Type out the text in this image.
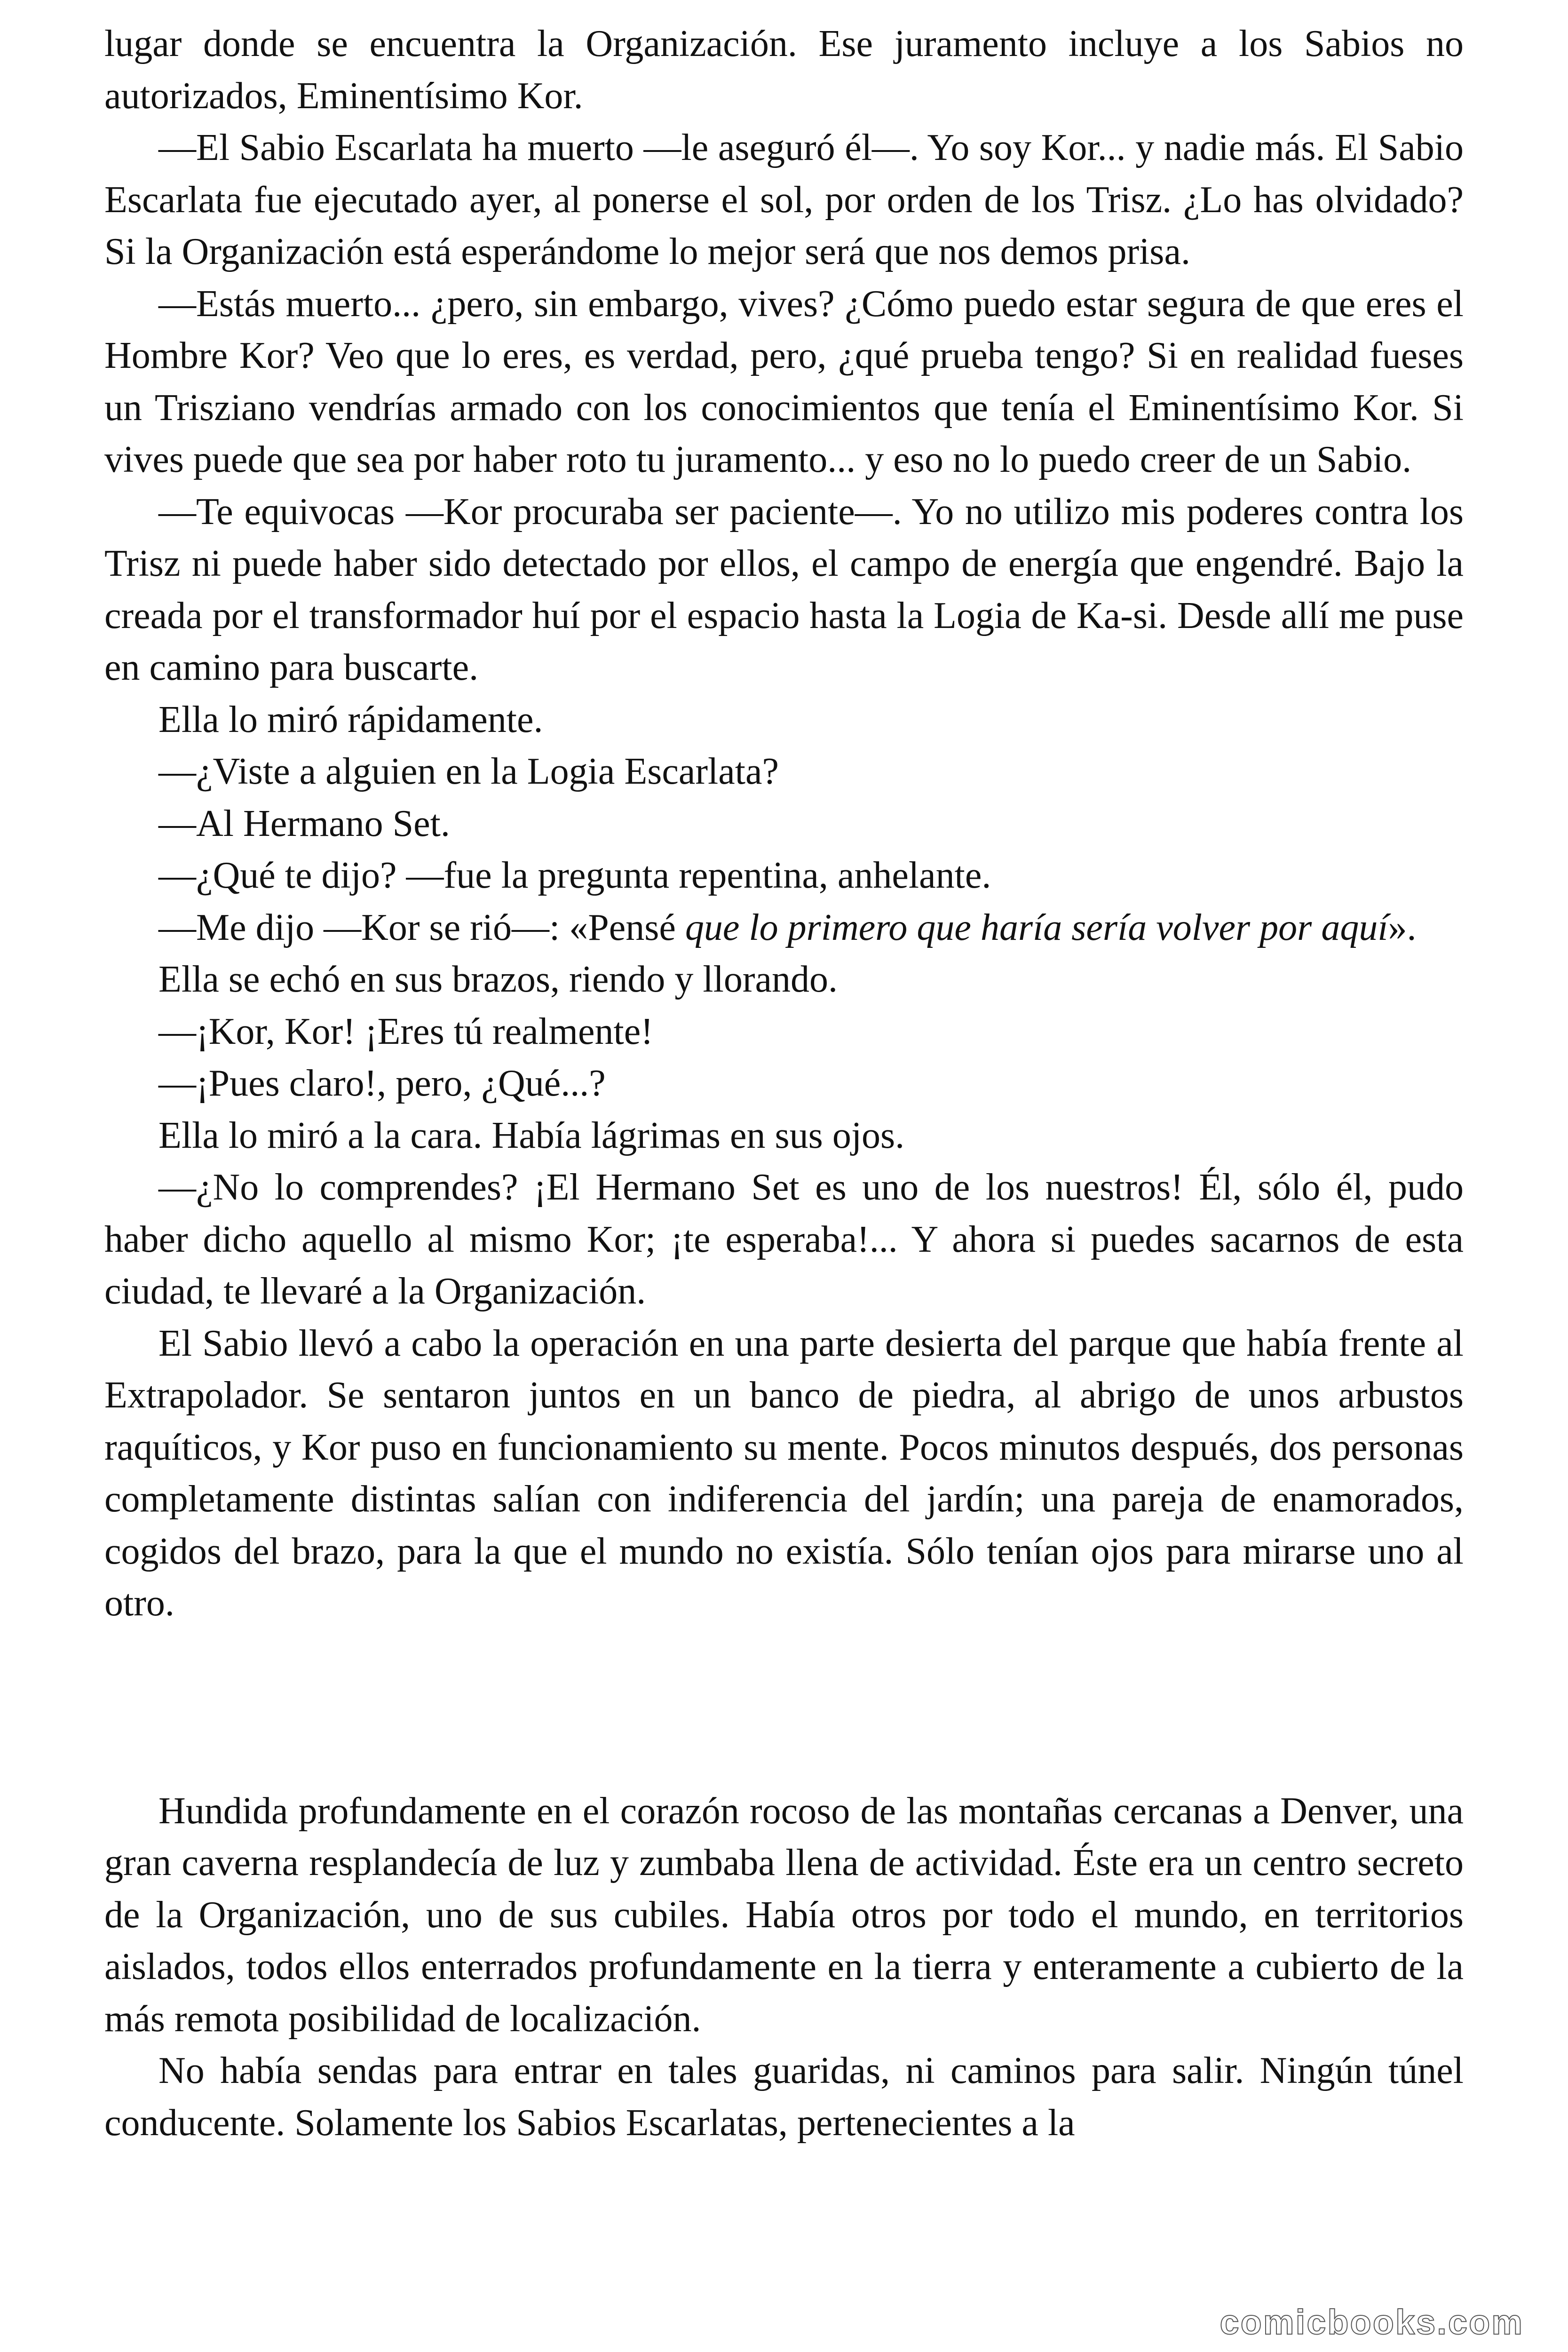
lugar donde se encuentra la Organización. Ese juramento incluye a los Sabios no autorizados, Eminentísimo Kor.

—El Sabio Escarlata ha muerto —le aseguró él—. Yo soy Kor... y nadie más. El Sabio Escarlata fue ejecutado ayer, al ponerse el sol, por orden de los Trisz. ¿Lo has olvidado? Si la Organización está esperándome lo mejor será que nos demos prisa.

—Estás muerto... ¿pero, sin embargo, vives? ¿Cómo puedo estar segura de que eres el Hombre Kor? Veo que lo eres, es verdad, pero, ¿qué prueba tengo? Si en realidad fueses un Trisziano vendrías armado con los conocimientos que tenía el Eminentísimo Kor. Si vives puede que sea por haber roto tu juramento... y eso no lo puedo creer de un Sabio.

—Te equivocas —Kor procuraba ser paciente—. Yo no utilizo mis poderes contra los Trisz ni puede haber sido detectado por ellos, el campo de energía que engendré. Bajo la creada por el transformador huí por el espacio hasta la Logia de Ka-si. Desde allí me puse en camino para buscarte.

Ella lo miró rápidamente.

—¿Viste a alguien en la Logia Escarlata?

—Al Hermano Set.

—¿Qué te dijo? —fue la pregunta repentina, anhelante.

—Me dijo —Kor se rió—: «Pensé que lo primero que haría sería volver por aquí».

Ella se echó en sus brazos, riendo y llorando.

—¡Kor, Kor! ¡Eres tú realmente!

—¡Pues claro!, pero, ¿Qué...?

Ella lo miró a la cara. Había lágrimas en sus ojos.

—¿No lo comprendes? ¡El Hermano Set es uno de los nuestros! Él, sólo él, pudo haber dicho aquello al mismo Kor; ¡te esperaba!... Y ahora si puedes sacarnos de esta ciudad, te llevaré a la Organización.

El Sabio llevó a cabo la operación en una parte desierta del parque que había frente al Extrapolador. Se sentaron juntos en un banco de piedra, al abrigo de unos arbustos raquíticos, y Kor puso en funcionamiento su mente. Pocos minutos después, dos personas completamente distintas salían con indiferencia del jardín; una pareja de enamorados, cogidos del brazo, para la que el mundo no existía. Sólo tenían ojos para mirarse uno al otro.

Hundida profundamente en el corazón rocoso de las montañas cercanas a Denver, una gran caverna resplandecía de luz y zumbaba llena de actividad. Éste era un centro secreto de la Organización, uno de sus cubiles. Había otros por todo el mundo, en territorios aislados, todos ellos enterrados profundamente en la tierra y enteramente a cubierto de la más remota posibilidad de localización.

No había sendas para entrar en tales guaridas, ni caminos para salir. Ningún túnel conducente. Solamente los Sabios Escarlatas, pertenecientes a la

comicbooks.com
